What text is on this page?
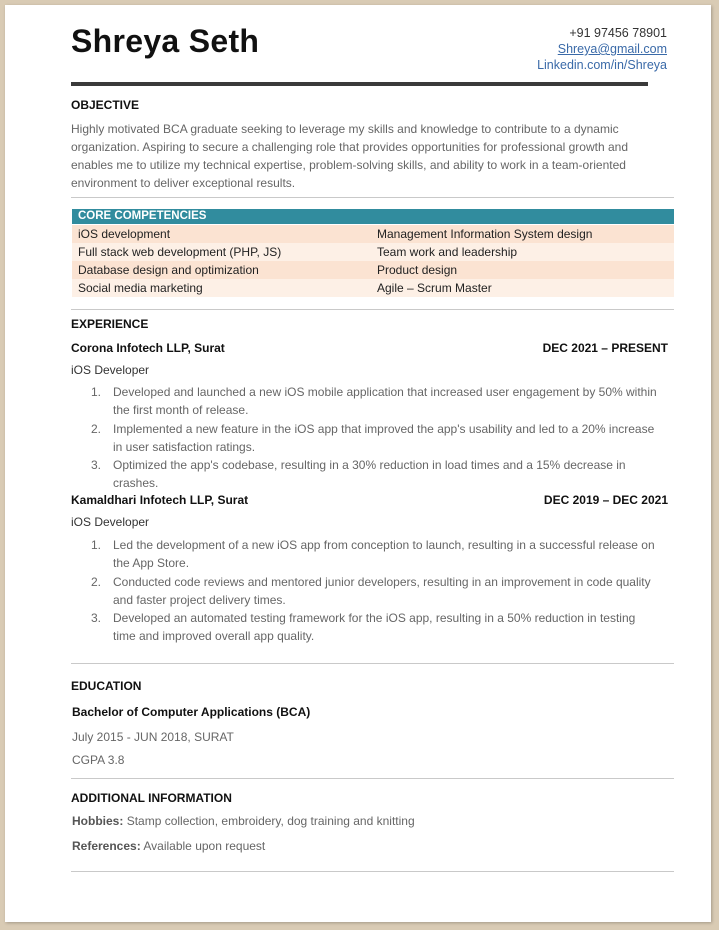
Shreya Seth	+91 97456 78901
Shreya@gmail.com
Linkedin.com/in/Shreya
OBJECTIVE
Highly motivated BCA graduate seeking to leverage my skills and knowledge to contribute to a dynamic organization. Aspiring to secure a challenging role that provides opportunities for professional growth and enables me to utilize my technical expertise, problem-solving skills, and ability to work in a team-oriented environment to deliver exceptional results.
CORE COMPETENCIES
iOS development	Management Information System design
Full stack web development (PHP, JS)	Team work and leadership
Database design and optimization	Product design
Social media marketing	Agile – Scrum Master
EXPERIENCE
Corona Infotech LLP, Surat	DEC 2021 – PRESENT
iOS Developer
1. Developed and launched a new iOS mobile application that increased user engagement by 50% within the first month of release.
2. Implemented a new feature in the iOS app that improved the app's usability and led to a 20% increase in user satisfaction ratings.
3. Optimized the app's codebase, resulting in a 30% reduction in load times and a 15% decrease in crashes.
Kamaldhari Infotech LLP, Surat	DEC 2019 – DEC 2021
iOS Developer
1. Led the development of a new iOS app from conception to launch, resulting in a successful release on the App Store.
2. Conducted code reviews and mentored junior developers, resulting in an improvement in code quality and faster project delivery times.
3. Developed an automated testing framework for the iOS app, resulting in a 50% reduction in testing time and improved overall app quality.
EDUCATION
Bachelor of Computer Applications (BCA)
July 2015 - JUN 2018, SURAT
CGPA 3.8
ADDITIONAL INFORMATION
Hobbies: Stamp collection, embroidery, dog training and knitting
References: Available upon request
